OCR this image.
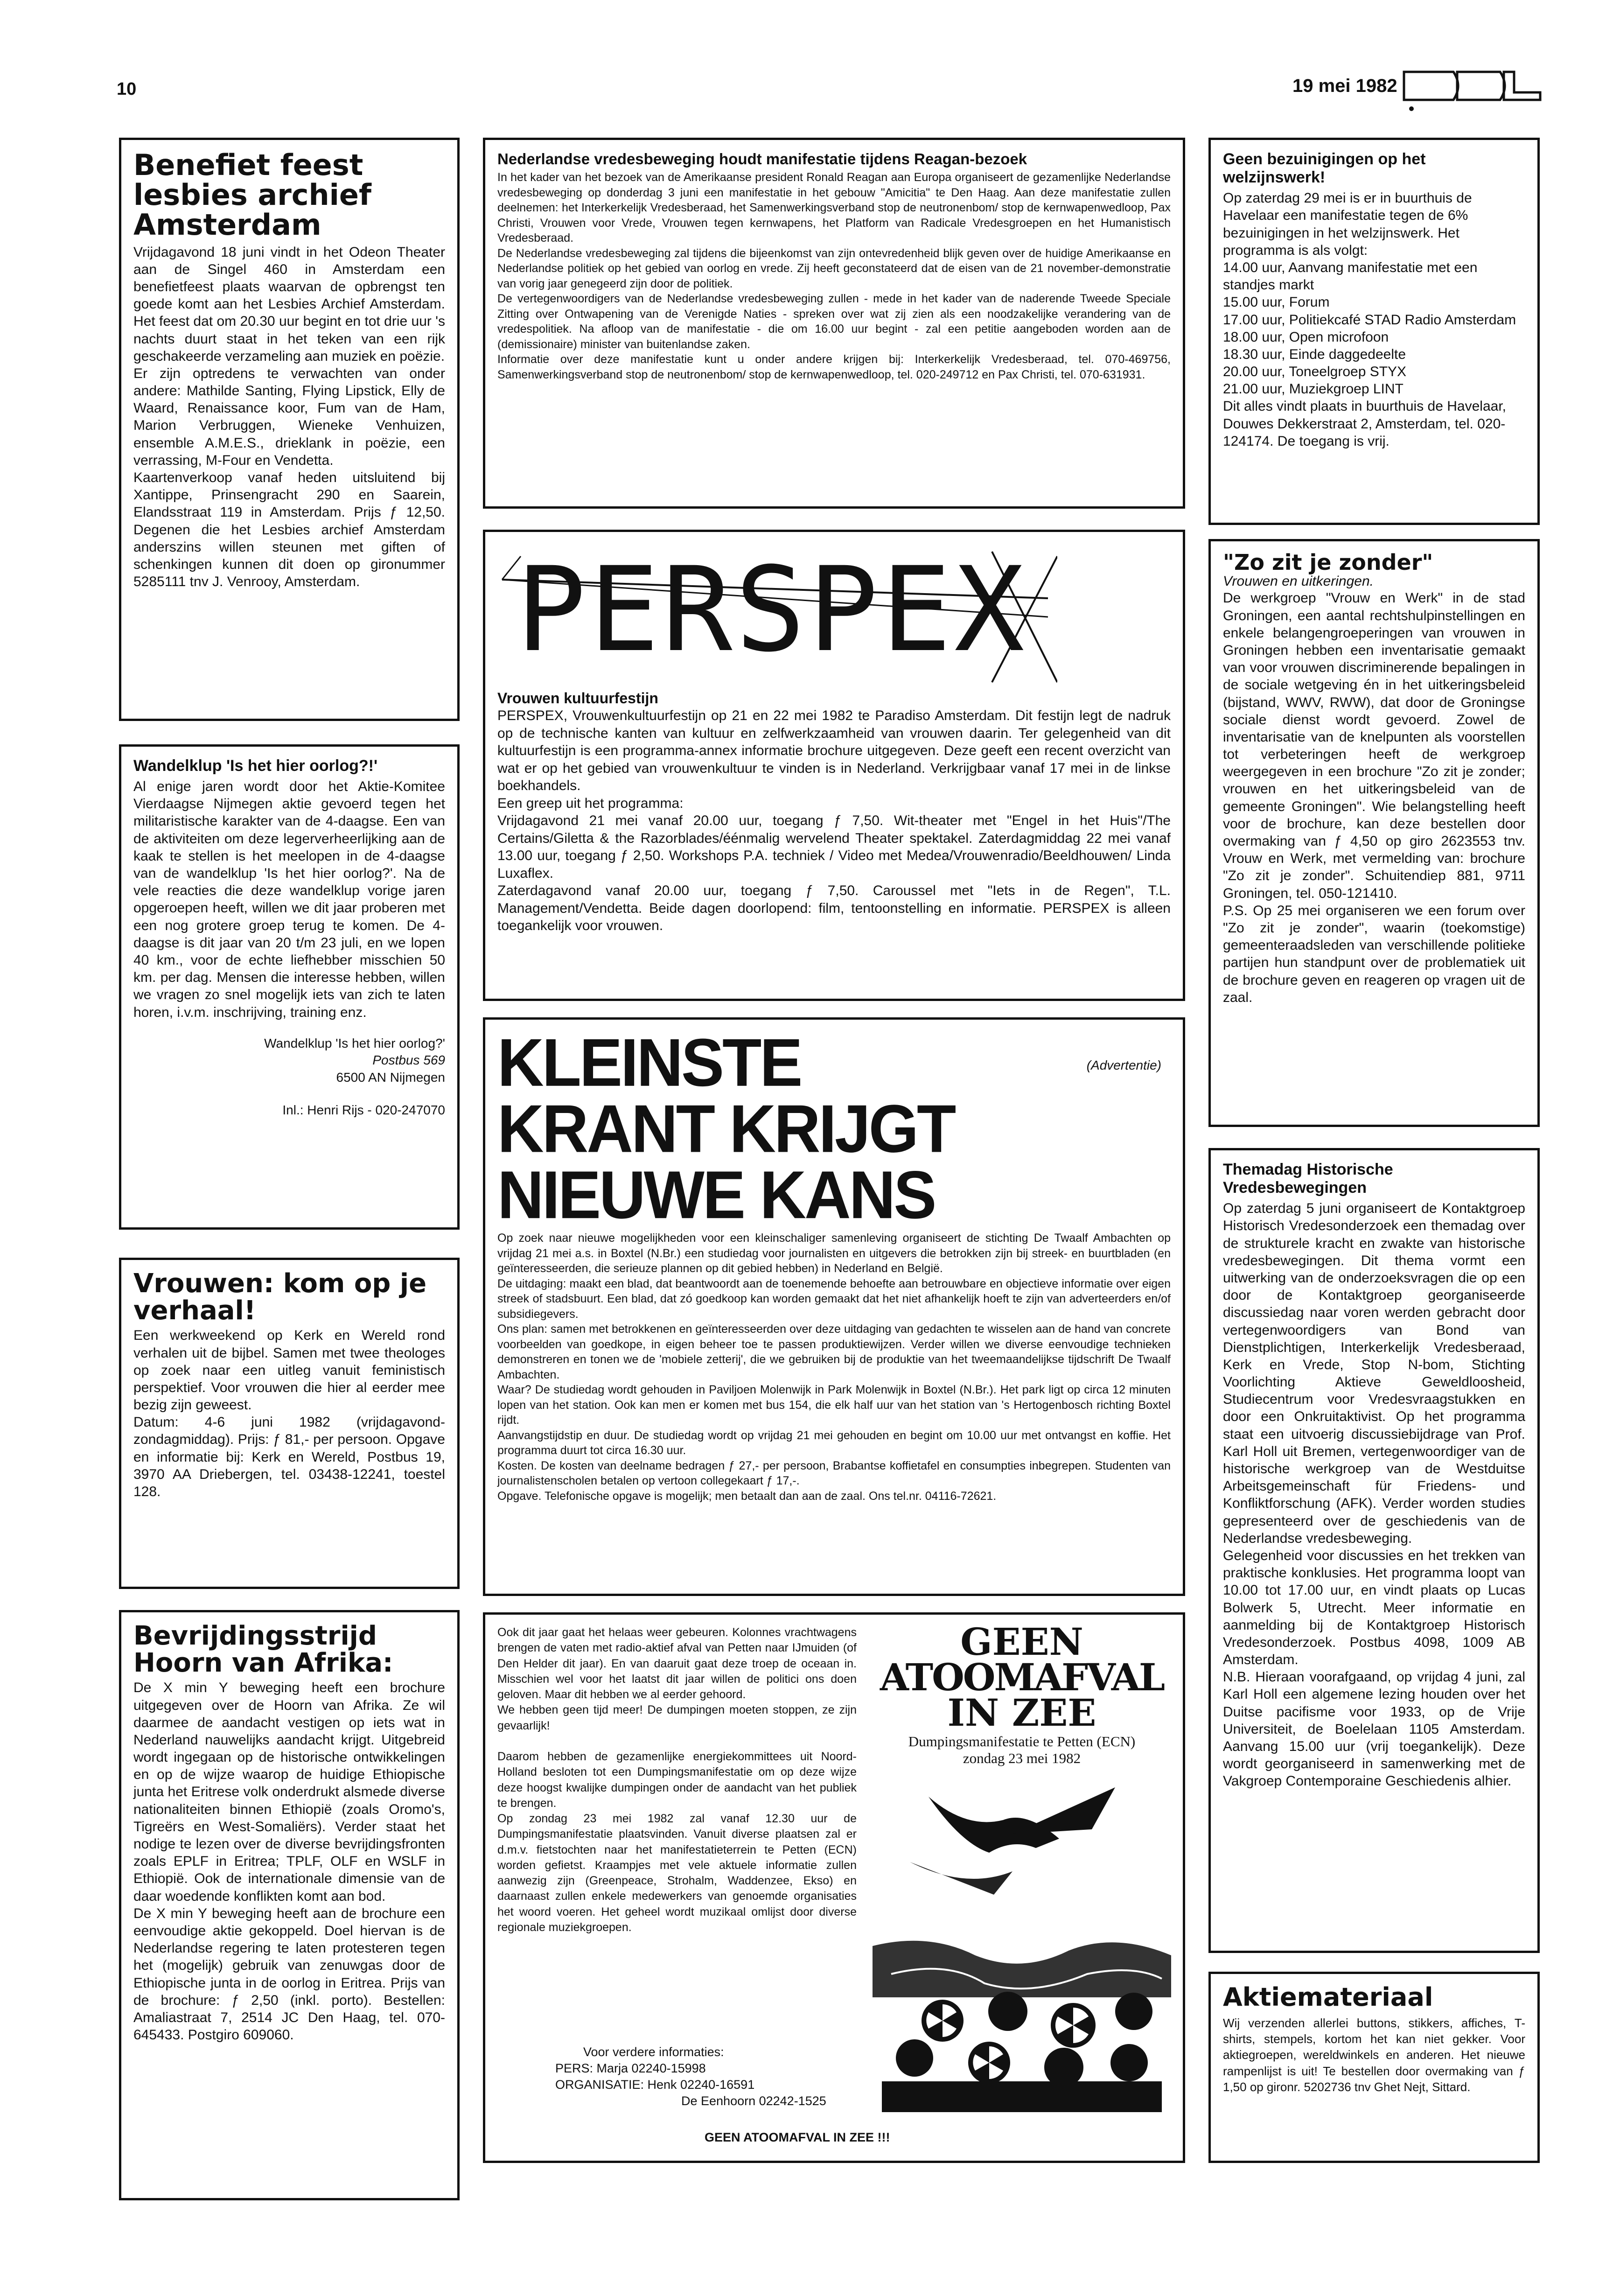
10	19 mei 1982
Benefiet feest lesbies archief Amsterdam
Vrijdagavond 18 juni vindt in het Odeon Theater aan de Singel 460 in Amsterdam een benefietfeest plaats waarvan de opbrengst ten goede komt aan het Lesbies Archief Amsterdam. Het feest dat om 20.30 uur begint en tot drie uur 's nachts duurt staat in het teken van een rijk geschakeerde verzameling aan muziek en poëzie.
Er zijn optredens te verwachten van onder andere: Mathilde Santing, Flying Lipstick, Elly de Waard, Renaissance koor, Fum van de Ham, Marion Verbruggen, Wieneke Venhuizen, ensemble A.M.E.S., drieklank in poëzie, een verrassing, M-Four en Vendetta.
Kaartenverkoop vanaf heden uitsluitend bij Xantippe, Prinsengracht 290 en Saarein, Elandsstraat 119 in Amsterdam. Prijs ƒ 12,50. Degenen die het Lesbies archief Amsterdam anderszins willen steunen met giften of schenkingen kunnen dit doen op gironummer 5285111 tnv J. Venrooy, Amsterdam.
Wandelklup 'Is het hier oorlog?!'
Al enige jaren wordt door het Aktie-Komitee Vierdaagse Nijmegen aktie gevoerd tegen het militaristische karakter van de 4-daagse. Een van de aktiviteiten om deze legerverheerlijking aan de kaak te stellen is het meelopen in de 4-daagse van de wandelklup 'Is het hier oorlog?'. Na de vele reacties die deze wandelklup vorige jaren opgeroepen heeft, willen we dit jaar proberen met een nog grotere groep terug te komen. De 4-daagse is dit jaar van 20 t/m 23 juli, en we lopen 40 km., voor de echte liefhebber misschien 50 km. per dag. Mensen die interesse hebben, willen we vragen zo snel mogelijk iets van zich te laten horen, i.v.m. inschrijving, training enz.
Wandelklup 'Is het hier oorlog?'
Postbus 569
6500 AN Nijmegen
Inl.: Henri Rijs - 020-247070
Vrouwen: kom op je verhaal!
Een werkweekend op Kerk en Wereld rond verhalen uit de bijbel. Samen met twee theologes op zoek naar een uitleg vanuit feministisch perspektief. Voor vrouwen die hier al eerder mee bezig zijn geweest.
Datum: 4-6 juni 1982 (vrijdagavond-zondagmiddag). Prijs: ƒ 81,- per persoon. Opgave en informatie bij: Kerk en Wereld, Postbus 19, 3970 AA Driebergen, tel. 03438-12241, toestel 128.
Bevrijdingsstrijd Hoorn van Afrika:
De X min Y beweging heeft een brochure uitgegeven over de Hoorn van Afrika. Ze wil daarmee de aandacht vestigen op iets wat in Nederland nauwelijks aandacht krijgt. Uitgebreid wordt ingegaan op de historische ontwikkelingen en op de wijze waarop de huidige Ethiopische junta het Eritrese volk onderdrukt alsmede diverse nationaliteiten binnen Ethiopië (zoals Oromo's, Tigreërs en West-Somaliërs). Verder staat het nodige te lezen over de diverse bevrijdingsfronten zoals EPLF in Eritrea; TPLF, OLF en WSLF in Ethiopië. Ook de internationale dimensie van de daar woedende konflikten komt aan bod.
De X min Y beweging heeft aan de brochure een eenvoudige aktie gekoppeld. Doel hiervan is de Nederlandse regering te laten protesteren tegen het (mogelijk) gebruik van zenuwgas door de Ethiopische junta in de oorlog in Eritrea. Prijs van de brochure: ƒ 2,50 (inkl. porto). Bestellen: Amaliastraat 7, 2514 JC Den Haag, tel. 070-645433. Postgiro 609060.
Nederlandse vredesbeweging houdt manifestatie tijdens Reagan-bezoek
In het kader van het bezoek van de Amerikaanse president Ronald Reagan aan Europa organiseert de gezamenlijke Nederlandse vredesbeweging op donderdag 3 juni een manifestatie in het gebouw "Amicitia" te Den Haag. Aan deze manifestatie zullen deelnemen: het Interkerkelijk Vredesberaad, het Samenwerkingsverband stop de neutronenbom/ stop de kernwapenwedloop, Pax Christi, Vrouwen voor Vrede, Vrouwen tegen kernwapens, het Platform van Radicale Vredesgroepen en het Humanistisch Vredesberaad.
De Nederlandse vredesbeweging zal tijdens die bijeenkomst van zijn ontevredenheid blijk geven over de huidige Amerikaanse en Nederlandse politiek op het gebied van oorlog en vrede. Zij heeft geconstateerd dat de eisen van de 21 november-demonstratie van vorig jaar genegeerd zijn door de politiek.
De vertegenwoordigers van de Nederlandse vredesbeweging zullen - mede in het kader van de naderende Tweede Speciale Zitting over Ontwapening van de Verenigde Naties - spreken over wat zij zien als een noodzakelijke verandering van de vredespolitiek. Na afloop van de manifestatie - die om 16.00 uur begint - zal een petitie aangeboden worden aan de (demissionaire) minister van buitenlandse zaken.
Informatie over deze manifestatie kunt u onder andere krijgen bij: Interkerkelijk Vredesberaad, tel. 070-469756, Samenwerkingsverband stop de neutronenbom/ stop de kernwapenwedloop, tel. 020-249712 en Pax Christi, tel. 070-631931.
PERSPEX
Vrouwen kultuurfestijn
PERSPEX, Vrouwenkultuurfestijn op 21 en 22 mei 1982 te Paradiso Amsterdam. Dit festijn legt de nadruk op de technische kanten van kultuur en zelfwerkzaamheid van vrouwen daarin. Ter gelegenheid van dit kultuurfestijn is een programma-annex informatie brochure uitgegeven. Deze geeft een recent overzicht van wat er op het gebied van vrouwenkultuur te vinden is in Nederland. Verkrijgbaar vanaf 17 mei in de linkse boekhandels.
Een greep uit het programma:
Vrijdagavond 21 mei vanaf 20.00 uur, toegang ƒ 7,50. Wit-theater met "Engel in het Huis"/The Certains/Giletta & the Razorblades/éénmalig wervelend Theater spektakel. Zaterdagmiddag 22 mei vanaf 13.00 uur, toegang ƒ 2,50. Workshops P.A. techniek / Video met Medea/Vrouwenradio/Beeldhouwen/ Linda Luxaflex.
Zaterdagavond vanaf 20.00 uur, toegang ƒ 7,50. Caroussel met "Iets in de Regen", T.L. Management/Vendetta. Beide dagen doorlopend: film, tentoonstelling en informatie. PERSPEX is alleen toegankelijk voor vrouwen.
KLEINSTE
KRANT KRIJGT
NIEUWE KANS
(Advertentie)
Op zoek naar nieuwe mogelijkheden voor een kleinschaliger samenleving organiseert de stichting De Twaalf Ambachten op vrijdag 21 mei a.s. in Boxtel (N.Br.) een studiedag voor journalisten en uitgevers die betrokken zijn bij streek- en buurtbladen (en geïnteresseerden, die serieuze plannen op dit gebied hebben) in Nederland en België.
De uitdaging: maakt een blad, dat beantwoordt aan de toenemende behoefte aan betrouwbare en objectieve informatie over eigen streek of stadsbuurt. Een blad, dat zó goedkoop kan worden gemaakt dat het niet afhankelijk hoeft te zijn van adverteerders en/of subsidiegevers.
Ons plan: samen met betrokkenen en geïnteresseerden over deze uitdaging van gedachten te wisselen aan de hand van concrete voorbeelden van goedkope, in eigen beheer toe te passen produktiewijzen. Verder willen we diverse eenvoudige technieken demonstreren en tonen we de 'mobiele zetterij', die we gebruiken bij de produktie van het tweemaandelijkse tijdschrift De Twaalf Ambachten.
Waar? De studiedag wordt gehouden in Paviljoen Molenwijk in Park Molenwijk in Boxtel (N.Br.). Het park ligt op circa 12 minuten lopen van het station. Ook kan men er komen met bus 154, die elk half uur van het station van 's Hertogenbosch richting Boxtel rijdt.
Aanvangstijdstip en duur. De studiedag wordt op vrijdag 21 mei gehouden en begint om 10.00 uur met ontvangst en koffie. Het programma duurt tot circa 16.30 uur.
Kosten. De kosten van deelname bedragen ƒ 27,- per persoon, Brabantse koffietafel en consumpties inbegrepen. Studenten van journalistenscholen betalen op vertoon collegekaart ƒ 17,-.
Opgave. Telefonische opgave is mogelijk; men betaalt dan aan de zaal. Ons tel.nr. 04116-72621.
Ook dit jaar gaat het helaas weer gebeuren. Kolonnes vrachtwagens brengen de vaten met radio-aktief afval van Petten naar IJmuiden (of Den Helder dit jaar). En van daaruit gaat deze troep de oceaan in. Misschien wel voor het laatst dit jaar willen de politici ons doen geloven. Maar dit hebben we al eerder gehoord.
We hebben geen tijd meer! De dumpingen moeten stoppen, ze zijn gevaarlijk!

Daarom hebben de gezamenlijke energiekommittees uit Noord-Holland besloten tot een Dumpingsmanifestatie om op deze wijze deze hoogst kwalijke dumpingen onder de aandacht van het publiek te brengen.
Op zondag 23 mei 1982 zal vanaf 12.30 uur de Dumpingsmanifestatie plaatsvinden. Vanuit diverse plaatsen zal er d.m.v. fietstochten naar het manifestatieterrein te Petten (ECN) worden gefietst. Kraampjes met vele aktuele informatie zullen aanwezig zijn (Greenpeace, Strohalm, Waddenzee, Ekso) en daarnaast zullen enkele medewerkers van genoemde organisaties het woord voeren. Het geheel wordt muzikaal omlijst door diverse regionale muziekgroepen.
Voor verdere informaties:
PERS: Marja 02240-15998
ORGANISATIE: Henk 02240-16591
De Eenhoorn 02242-1525
GEEN ATOOMAFVAL IN ZEE !!!
GEEN
ATOOMAFVAL
IN ZEE
Dumpingsmanifestatie te Petten (ECN)
zondag 23 mei 1982
Geen bezuinigingen op het welzijnswerk!
Op zaterdag 29 mei is er in buurthuis de Havelaar een manifestatie tegen de 6% bezuinigingen in het welzijnswerk. Het programma is als volgt:
14.00 uur, Aanvang manifestatie met een standjes markt
15.00 uur, Forum
17.00 uur, Politiekcafé STAD Radio Amsterdam
18.00 uur, Open microfoon
18.30 uur, Einde daggedeelte
20.00 uur, Toneelgroep STYX
21.00 uur, Muziekgroep LINT
Dit alles vindt plaats in buurthuis de Havelaar, Douwes Dekkerstraat 2, Amsterdam, tel. 020-124174. De toegang is vrij.
"Zo zit je zonder"
Vrouwen en uitkeringen.
De werkgroep "Vrouw en Werk" in de stad Groningen, een aantal rechtshulpinstellingen en enkele belangengroeperingen van vrouwen in Groningen hebben een inventarisatie gemaakt van voor vrouwen discriminerende bepalingen in de sociale wetgeving én in het uitkeringsbeleid (bijstand, WWV, RWW), dat door de Groningse sociale dienst wordt gevoerd. Zowel de inventarisatie van de knelpunten als voorstellen tot verbeteringen heeft de werkgroep weergegeven in een brochure "Zo zit je zonder; vrouwen en het uitkeringsbeleid van de gemeente Groningen". Wie belangstelling heeft voor de brochure, kan deze bestellen door overmaking van ƒ 4,50 op giro 2623553 tnv. Vrouw en Werk, met vermelding van: brochure "Zo zit je zonder". Schuitendiep 881, 9711 Groningen, tel. 050-121410.
P.S. Op 25 mei organiseren we een forum over "Zo zit je zonder", waarin (toekomstige) gemeenteraadsleden van verschillende politieke partijen hun standpunt over de problematiek uit de brochure geven en reageren op vragen uit de zaal.
Themadag Historische Vredesbewegingen
Op zaterdag 5 juni organiseert de Kontaktgroep Historisch Vredesonderzoek een themadag over de strukturele kracht en zwakte van historische vredesbewegingen. Dit thema vormt een uitwerking van de onderzoeksvragen die op een door de Kontaktgroep georganiseerde discussiedag naar voren werden gebracht door vertegenwoordigers van Bond van Dienstplichtigen, Interkerkelijk Vredesberaad, Kerk en Vrede, Stop N-bom, Stichting Voorlichting Aktieve Geweldloosheid, Studiecentrum voor Vredesvraagstukken en door een Onkruitaktivist. Op het programma staat een uitvoerig discussiebijdrage van Prof. Karl Holl uit Bremen, vertegenwoordiger van de historische werkgroep van de Westduitse Arbeitsgemeinschaft für Friedens- und Konfliktforschung (AFK). Verder worden studies gepresenteerd over de geschiedenis van de Nederlandse vredesbeweging.
Gelegenheid voor discussies en het trekken van praktische konklusies. Het programma loopt van 10.00 tot 17.00 uur, en vindt plaats op Lucas Bolwerk 5, Utrecht. Meer informatie en aanmelding bij de Kontaktgroep Historisch Vredesonderzoek. Postbus 4098, 1009 AB Amsterdam.
N.B. Hieraan voorafgaand, op vrijdag 4 juni, zal Karl Holl een algemene lezing houden over het Duitse pacifisme voor 1933, op de Vrije Universiteit, de Boelelaan 1105 Amsterdam. Aanvang 15.00 uur (vrij toegankelijk). Deze wordt georganiseerd in samenwerking met de Vakgroep Contemporaine Geschiedenis alhier.
Aktiemateriaal
Wij verzenden allerlei buttons, stikkers, affiches, T-shirts, stempels, kortom het kan niet gekker. Voor aktiegroepen, wereldwinkels en anderen. Het nieuwe rampenlijst is uit! Te bestellen door overmaking van ƒ 1,50 op gironr. 5202736 tnv Ghet Nejt, Sittard.
